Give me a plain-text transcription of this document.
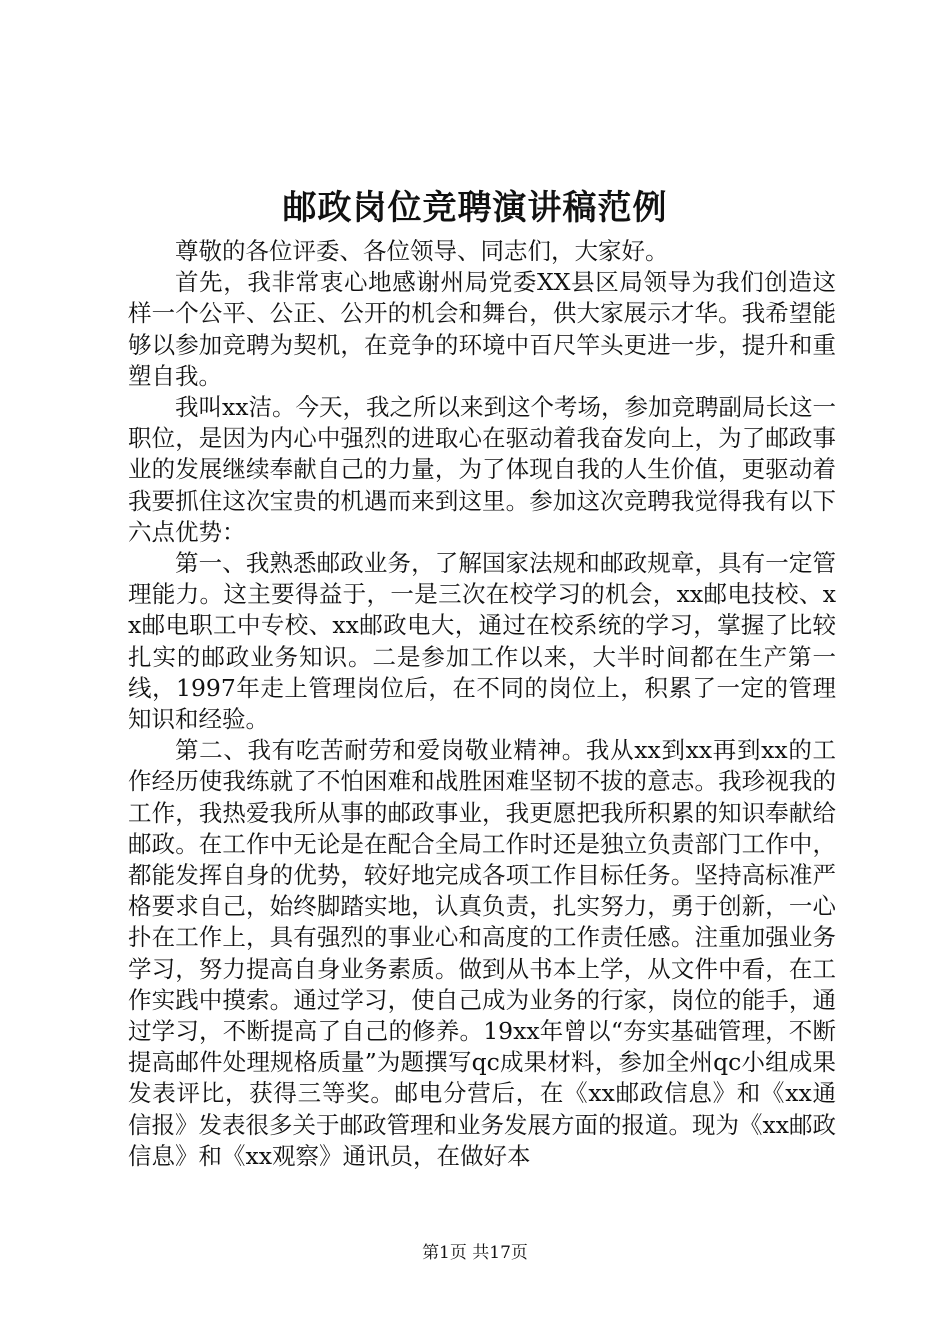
邮政岗位竞聘演讲稿范例

尊敬的各位评委、各位领导、同志们，大家好。

首先，我非常衷心地感谢州局党委XX县区局领导为我们创造这样一个公平、公正、公开的机会和舞台，供大家展示才华。我希望能够以参加竞聘为契机，在竞争的环境中百尺竿头更进一步，提升和重塑自我。

我叫xx洁。今天，我之所以来到这个考场，参加竞聘副局长这一职位，是因为内心中强烈的进取心在驱动着我奋发向上，为了邮政事业的发展继续奉献自己的力量，为了体现自我的人生价值，更驱动着我要抓住这次宝贵的机遇而来到这里。参加这次竞聘我觉得我有以下六点优势：

第一、我熟悉邮政业务，了解国家法规和邮政规章，具有一定管理能力。这主要得益于，一是三次在校学习的机会，xx邮电技校、xx邮电职工中专校、xx邮政电大，通过在校系统的学习，掌握了比较扎实的邮政业务知识。二是参加工作以来，大半时间都在生产第一线，1997年走上管理岗位后，在不同的岗位上，积累了一定的管理知识和经验。

第二、我有吃苦耐劳和爱岗敬业精神。我从xx到xx再到xx的工作经历使我练就了不怕困难和战胜困难坚韧不拔的意志。我珍视我的工作，我热爱我所从事的邮政事业，我更愿把我所积累的知识奉献给邮政。在工作中无论是在配合全局工作时还是独立负责部门工作中，都能发挥自身的优势，较好地完成各项工作目标任务。坚持高标准严格要求自己，始终脚踏实地，认真负责，扎实努力，勇于创新，一心扑在工作上，具有强烈的事业心和高度的工作责任感。注重加强业务学习，努力提高自身业务素质。做到从书本上学，从文件中看，在工作实践中摸索。通过学习，使自己成为业务的行家，岗位的能手，通过学习，不断提高了自己的修养。19xx年曾以“夯实基础管理，不断提高邮件处理规格质量”为题撰写qc成果材料，参加全州qc小组成果发表评比，获得三等奖。邮电分营后，在《xx邮政信息》和《xx通信报》发表很多关于邮政管理和业务发展方面的报道。现为《xx邮政信息》和《xx观察》通讯员，在做好本

第1页 共17页
